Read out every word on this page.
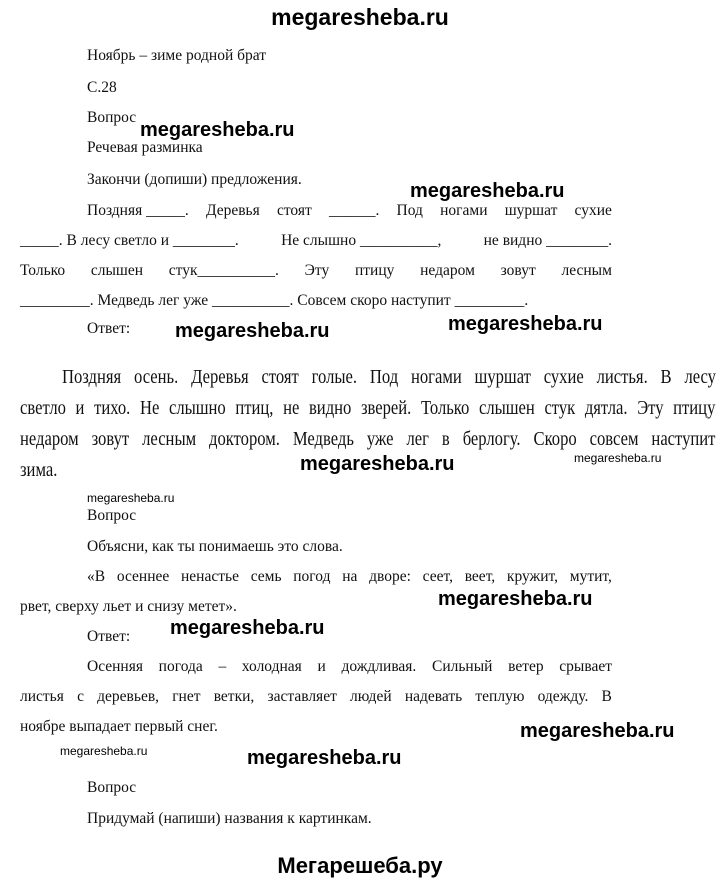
megaresheba.ru
Ноябрь – зиме родной брат
С.28
Вопрос
megaresheba.ru
Речевая разминка
Закончи (допиши) предложения.
megaresheba.ru
Поздняя _____. Деревья стоят ______. Под ногами шуршат сухие
_____. В лесу светло и ________.	Не слышно __________,	не видно ________.
Только слышен стук__________. Эту птицу недаром зовут лесным
_________. Медведь лег уже __________. Совсем скоро наступит _________.
Ответ: megaresheba.ru	megaresheba.ru
Поздняя осень. Деревья стоят голые. Под ногами шуршат сухие листья. В лесу
светло и тихо. Не слышно птиц, не видно зверей. Только слышен стук дятла. Эту птицу
недаром зовут лесным доктором. Медведь уже лег в берлогу. Скоро совсем наступит
зима.	megaresheba.ru	megaresheba.ru
megaresheba.ru
Вопрос
Объясни, как ты понимаешь это слова.
«В осеннее ненастье семь погод на дворе: сеет, веет, кружит, мутит,
рвет, сверху льет и снизу метет».	megaresheba.ru
Ответ: megaresheba.ru
Осенняя погода – холодная и дождливая. Сильный ветер срывает
листья с деревьев, гнет ветки, заставляет людей надевать теплую одежду. В
ноябре выпадает первый снег.	megaresheba.ru
megaresheba.ru	megaresheba.ru
Вопрос
Придумай (напиши) названия к картинкам.
Мегарешеба.ру
